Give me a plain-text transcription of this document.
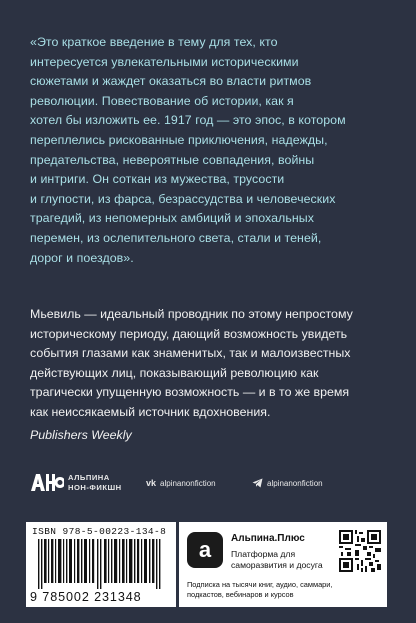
«Это краткое введение в тему для тех, кто
интересуется увлекательными историческими
сюжетами и жаждет оказаться во власти ритмов
революции. Повествование об истории, как я
хотел бы изложить ее. 1917 год — это эпос, в котором
переплелись рискованные приключения, надежды,
предательства, невероятные совпадения, войны
и интриги. Он соткан из мужества, трусости
и глупости, из фарса, безрассудства и человеческих
трагедий, из непомерных амбиций и эпохальных
перемен, из ослепительного света, стали и теней,
дорог и поездов».
Мьевиль — идеальный проводник по этому непростому
историческому периоду, дающий возможность увидеть
события глазами как знаменитых, так и малоизвестных
действующих лиц, показывающий революцию как
трагически упущенную возможность — и в то же время
как неиссякаемый источник вдохновения.
Publishers Weekly
АЛЬПИНА
НОН-ФИКШН	vk alpinanonfiction	alpinanonfiction
ISBN 978-5-00223-134-8
9 785002 231348
a Альпина.Плюс
Платформа для саморазвития и досуга
Подписка на тысячи книг, аудио, саммари, подкастов, вебинаров и курсов
